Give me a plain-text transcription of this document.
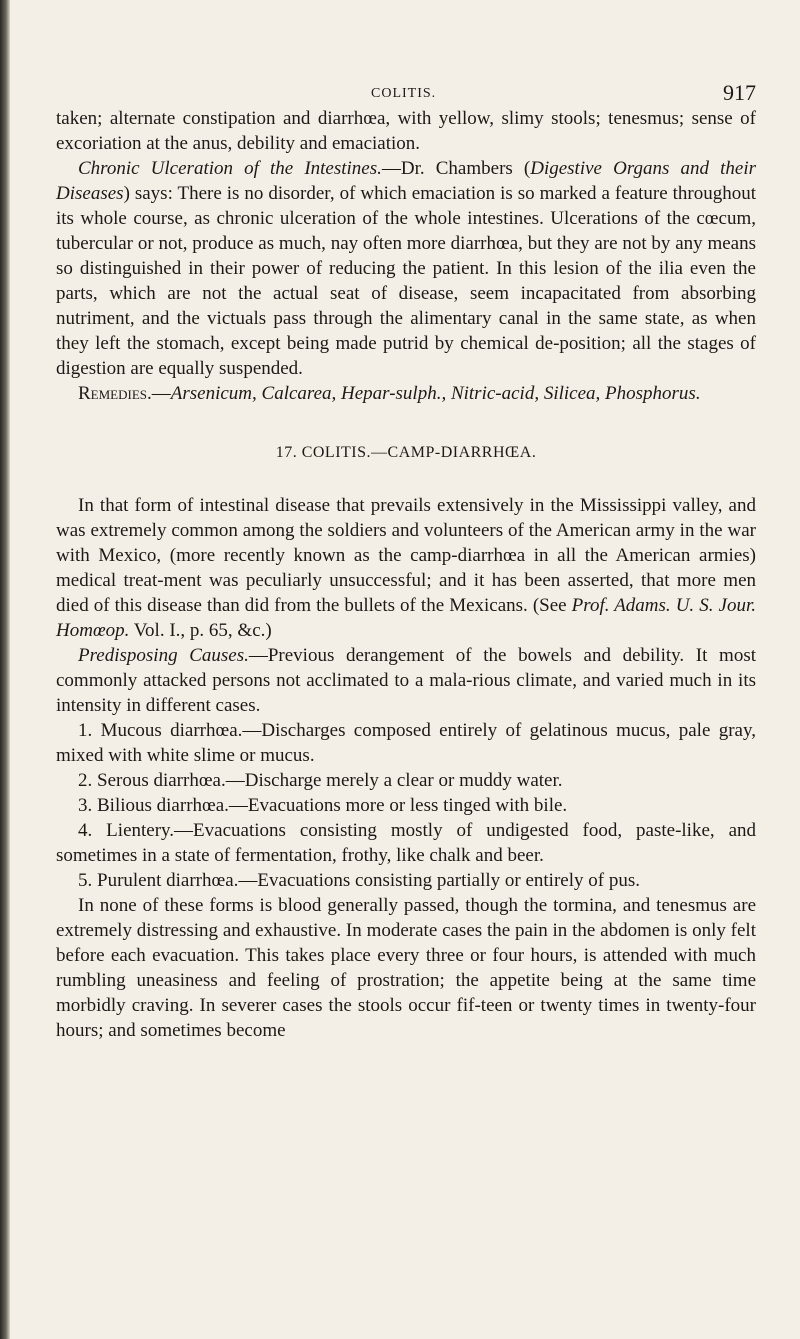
COLITIS.	917

taken; alternate constipation and diarrhœa, with yellow, slimy stools; tenesmus; sense of excoriation at the anus, debility and emaciation.

Chronic Ulceration of the Intestines.—Dr. Chambers (Digestive Organs and their Diseases) says: There is no disorder, of which emaciation is so marked a feature throughout its whole course, as chronic ulceration of the whole intestines. Ulcerations of the cœcum, tubercular or not, produce as much, nay often more diarrhœa, but they are not by any means so distinguished in their power of reducing the patient. In this lesion of the ilia even the parts, which are not the actual seat of disease, seem incapacitated from absorbing nutriment, and the victuals pass through the alimentary canal in the same state, as when they left the stomach, except being made putrid by chemical de-position; all the stages of digestion are equally suspended.

Remedies.—Arsenicum, Calcarea, Hepar-sulph., Nitric-acid, Silicea, Phosphorus.

17. COLITIS.—CAMP-DIARRHŒA.

In that form of intestinal disease that prevails extensively in the Mississippi valley, and was extremely common among the soldiers and volunteers of the American army in the war with Mexico, (more recently known as the camp-diarrhœa in all the American armies) medical treat-ment was peculiarly unsuccessful; and it has been asserted, that more men died of this disease than did from the bullets of the Mexicans. (See Prof. Adams. U. S. Jour. Homœop. Vol. I., p. 65, &c.)

Predisposing Causes.—Previous derangement of the bowels and debility. It most commonly attacked persons not acclimated to a mala-rious climate, and varied much in its intensity in different cases.

1. Mucous diarrhœa.—Discharges composed entirely of gelatinous mucus, pale gray, mixed with white slime or mucus.

2. Serous diarrhœa.—Discharge merely a clear or muddy water.

3. Bilious diarrhœa.—Evacuations more or less tinged with bile.

4. Lientery.—Evacuations consisting mostly of undigested food, paste-like, and sometimes in a state of fermentation, frothy, like chalk and beer.

5. Purulent diarrhœa.—Evacuations consisting partially or entirely of pus.

In none of these forms is blood generally passed, though the tormina, and tenesmus are extremely distressing and exhaustive. In moderate cases the pain in the abdomen is only felt before each evacuation. This takes place every three or four hours, is attended with much rumbling uneasiness and feeling of prostration; the appetite being at the same time morbidly craving. In severer cases the stools occur fif-teen or twenty times in twenty-four hours; and sometimes become
